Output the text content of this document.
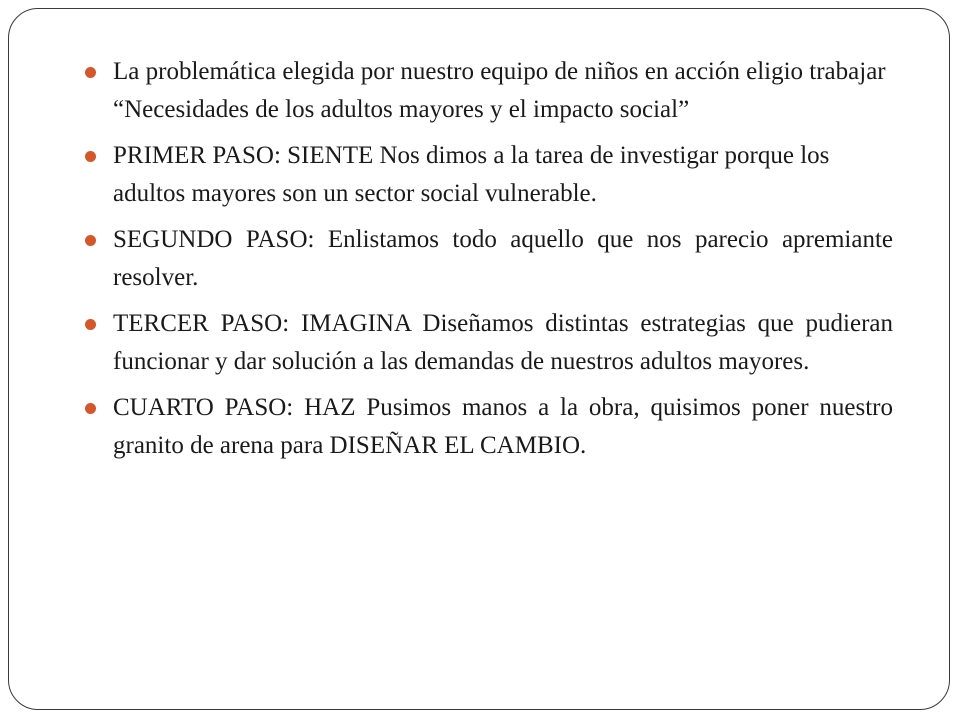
La problemática elegida por nuestro equipo de niños en acción eligio trabajar “Necesidades de los adultos mayores y el impacto social”
PRIMER PASO: SIENTE Nos dimos a la tarea de investigar porque los adultos mayores son un sector social vulnerable.
SEGUNDO PASO: Enlistamos todo aquello que nos parecio apremiante resolver.
TERCER PASO: IMAGINA Diseñamos distintas estrategias que pudieran funcionar y dar solución a las demandas de nuestros adultos mayores.
CUARTO PASO: HAZ Pusimos manos a la obra, quisimos poner nuestro granito de arena para DISEÑAR EL CAMBIO.
